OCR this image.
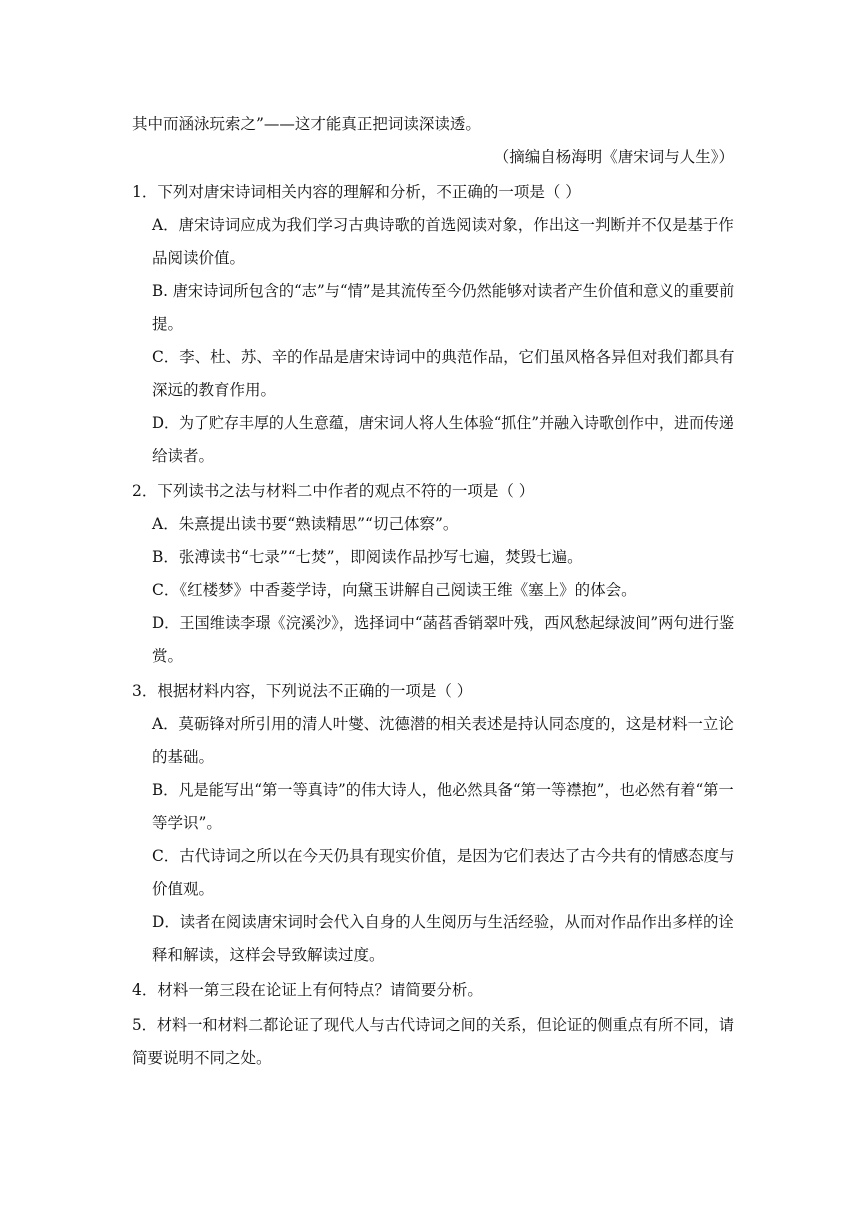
其中而涵泳玩索之”——这才能真正把词读深读透。
（摘编自杨海明《唐宋词与人生》）
1．下列对唐宋诗词相关内容的理解和分析，不正确的一项是（ ）
A．唐宋诗词应成为我们学习古典诗歌的首选阅读对象，作出这一判断并不仅是基于作
品阅读价值。
B. 唐宋诗词所包含的“志”与“情”是其流传至今仍然能够对读者产生价值和意义的重要前
提。
C．李、杜、苏、辛的作品是唐宋诗词中的典范作品，它们虽风格各异但对我们都具有
深远的教育作用。
D．为了贮存丰厚的人生意蕴，唐宋词人将人生体验“抓住”并融入诗歌创作中，进而传递
给读者。
2．下列读书之法与材料二中作者的观点不符的一项是（ ）
A．朱熹提出读书要“熟读精思”“切己体察”。
B．张溥读书“七录”“七焚”，即阅读作品抄写七遍，焚毁七遍。
C．《红楼梦》中香菱学诗，向黛玉讲解自己阅读王维《塞上》的体会。
D．王国维读李璟《浣溪沙》，选择词中“菡萏香销翠叶残，西风愁起绿波间”两句进行鉴
赏。
3．根据材料内容，下列说法不正确的一项是（ ）
A．莫砺锋对所引用的清人叶燮、沈德潜的相关表述是持认同态度的，这是材料一立论
的基础。
B．凡是能写出“第一等真诗”的伟大诗人，他必然具备“第一等襟抱”，也必然有着“第一
等学识”。
C．古代诗词之所以在今天仍具有现实价值，是因为它们表达了古今共有的情感态度与
价值观。
D．读者在阅读唐宋词时会代入自身的人生阅历与生活经验，从而对作品作出多样的诠
释和解读，这样会导致解读过度。
4．材料一第三段在论证上有何特点？请简要分析。
5．材料一和材料二都论证了现代人与古代诗词之间的关系，但论证的侧重点有所不同，请
简要说明不同之处。
